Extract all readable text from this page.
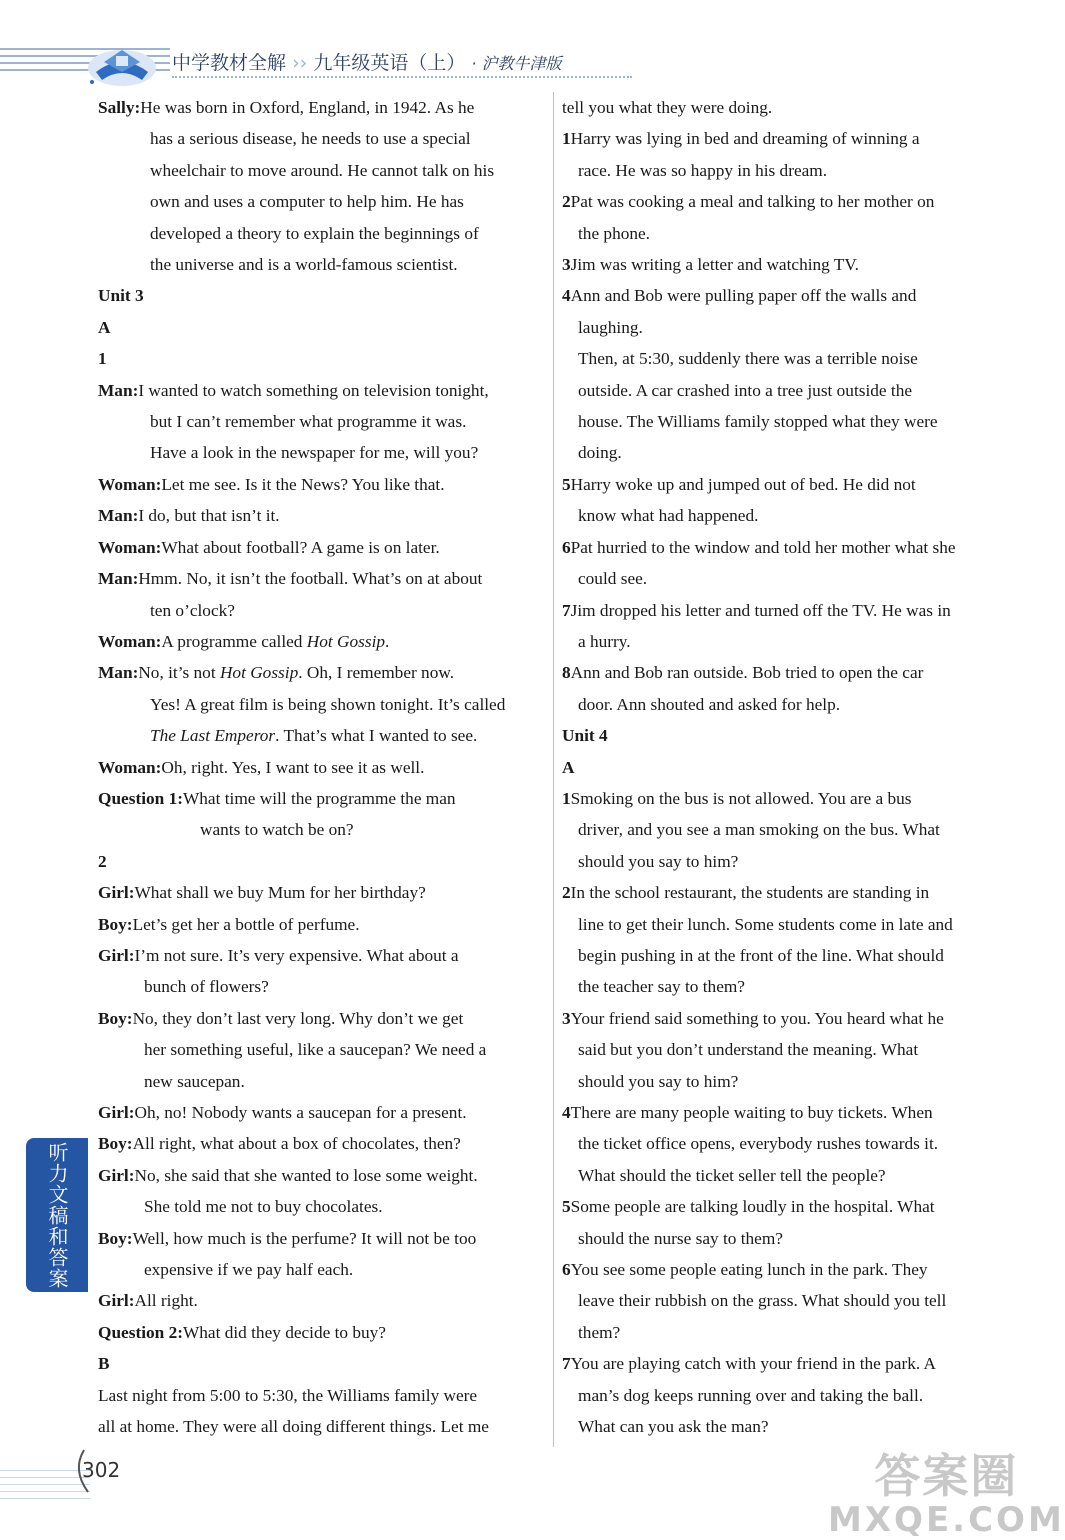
中学教材全解 ›› 九年级英语（上） · 沪教牛津版
Sally:He was born in Oxford, England, in 1942. As he
has a serious disease, he needs to use a special
wheelchair to move around. He cannot talk on his
own and uses a computer to help him. He has
developed a theory to explain the beginnings of
the universe and is a world-famous scientist.
Unit 3
A
1
Man:I wanted to watch something on television tonight,
but I can’t remember what programme it was.
Have a look in the newspaper for me, will you?
Woman:Let me see. Is it the News? You like that.
Man:I do, but that isn’t it.
Woman:What about football? A game is on later.
Man:Hmm. No, it isn’t the football. What’s on at about
ten o’clock?
Woman:A programme called Hot Gossip.
Man:No, it’s not Hot Gossip. Oh, I remember now.
Yes! A great film is being shown tonight. It’s called
The Last Emperor. That’s what I wanted to see.
Woman:Oh, right. Yes, I want to see it as well.
Question 1:What time will the programme the man
wants to watch be on?
2
Girl:What shall we buy Mum for her birthday?
Boy:Let’s get her a bottle of perfume.
Girl:I’m not sure. It’s very expensive. What about a
bunch of flowers?
Boy:No, they don’t last very long. Why don’t we get
her something useful, like a saucepan? We need a
new saucepan.
Girl:Oh, no! Nobody wants a saucepan for a present.
Boy:All right, what about a box of chocolates, then?
Girl:No, she said that she wanted to lose some weight.
She told me not to buy chocolates.
Boy:Well, how much is the perfume? It will not be too
expensive if we pay half each.
Girl:All right.
Question 2:What did they decide to buy?
B
Last night from 5:00 to 5:30, the Williams family were
all at home. They were all doing different things. Let me
tell you what they were doing.
1Harry was lying in bed and dreaming of winning a
race. He was so happy in his dream.
2Pat was cooking a meal and talking to her mother on
the phone.
3Jim was writing a letter and watching TV.
4Ann and Bob were pulling paper off the walls and
laughing.
Then, at 5:30, suddenly there was a terrible noise
outside. A car crashed into a tree just outside the
house. The Williams family stopped what they were
doing.
5Harry woke up and jumped out of bed. He did not
know what had happened.
6Pat hurried to the window and told her mother what she
could see.
7Jim dropped his letter and turned off the TV. He was in
a hurry.
8Ann and Bob ran outside. Bob tried to open the car
door. Ann shouted and asked for help.
Unit 4
A
1Smoking on the bus is not allowed. You are a bus
driver, and you see a man smoking on the bus. What
should you say to him?
2In the school restaurant, the students are standing in
line to get their lunch. Some students come in late and
begin pushing in at the front of the line. What should
the teacher say to them?
3Your friend said something to you. You heard what he
said but you don’t understand the meaning. What
should you say to him?
4There are many people waiting to buy tickets. When
the ticket office opens, everybody rushes towards it.
What should the ticket seller tell the people?
5Some people are talking loudly in the hospital. What
should the nurse say to them?
6You see some people eating lunch in the park. They
leave their rubbish on the grass. What should you tell
them?
7You are playing catch with your friend in the park. A
man’s dog keeps running over and taking the ball.
What can you ask the man?
听力文稿和答案
302	答案圈
MXQE.COM
